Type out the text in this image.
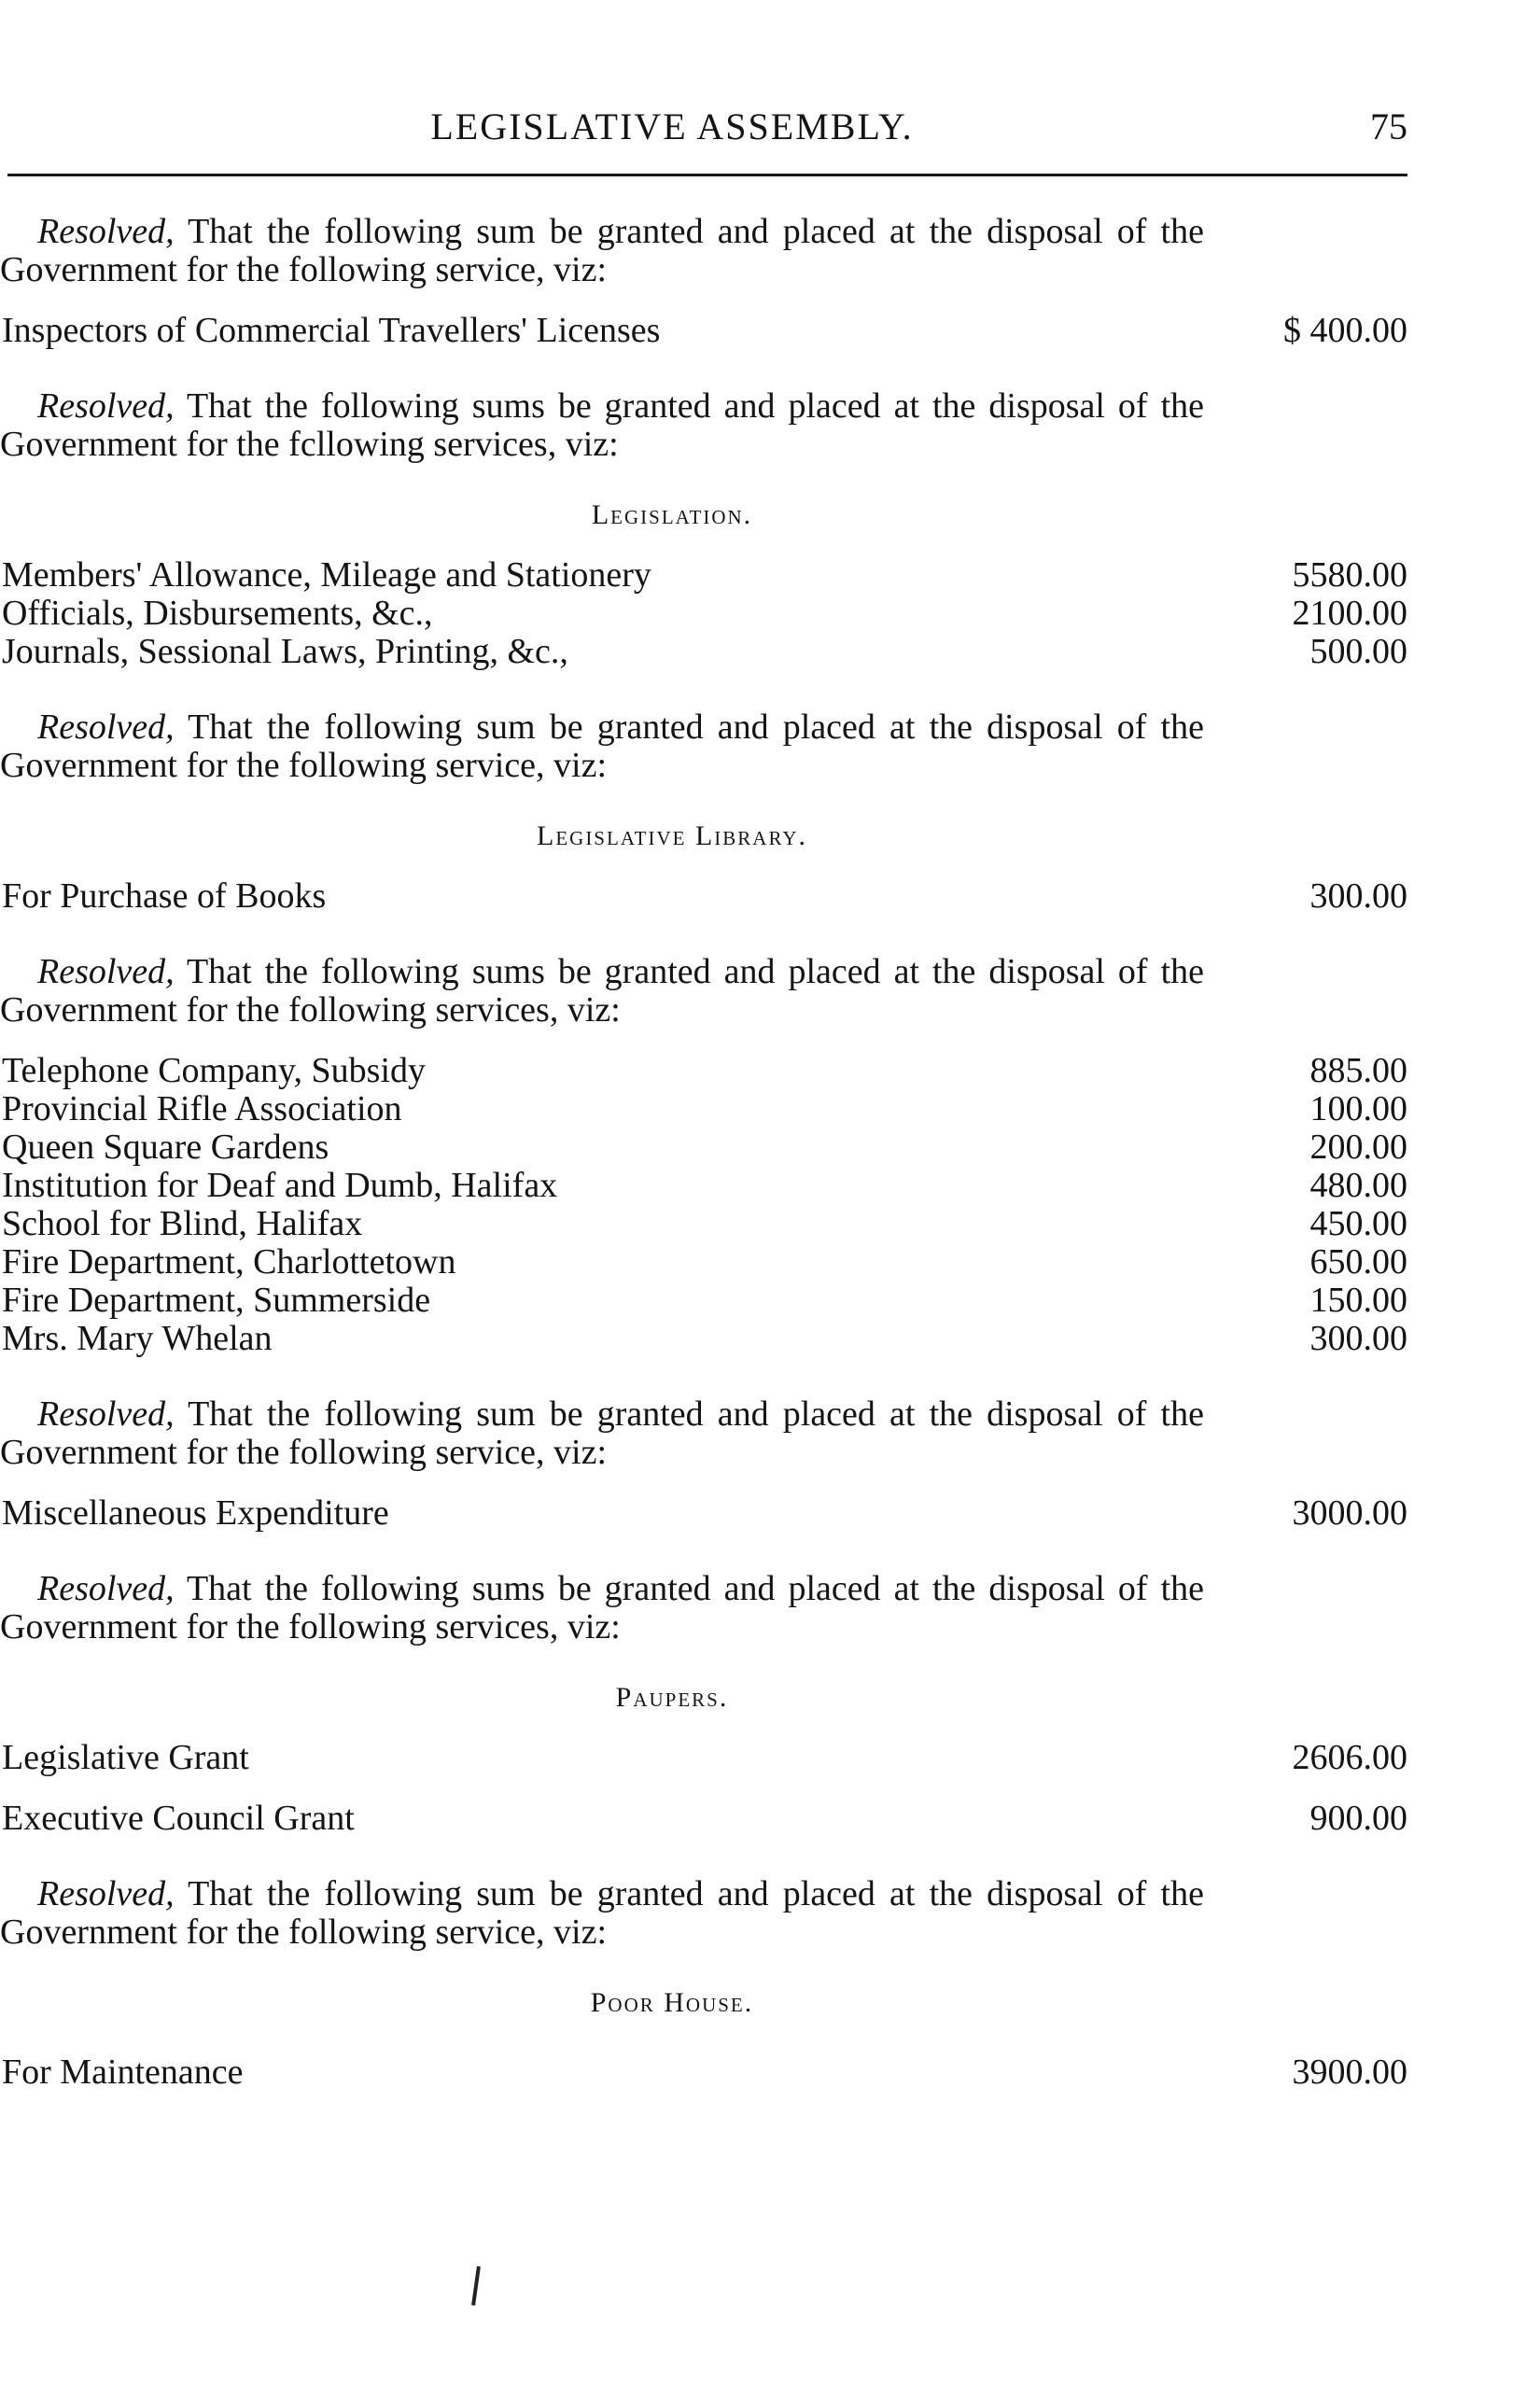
LEGISLATIVE ASSEMBLY.	75

Resolved, That the following sum be granted and placed at the disposal of the Government for the following service, viz:

Inspectors of Commercial Travellers' Licenses	$ 400.00

Resolved, That the following sums be granted and placed at the disposal of the Government for the fcllowing services, viz:

Legislation.
Members' Allowance, Mileage and Stationery	5580.00
Officials, Disbursements, &c.,	2100.00
Journals, Sessional Laws, Printing, &c.,	500.00

Resolved, That the following sum be granted and placed at the disposal of the Government for the following service, viz:

Legislative Library.
For Purchase of Books	300.00

Resolved, That the following sums be granted and placed at the disposal of the Government for the following services, viz:

Telephone Company, Subsidy	885.00
Provincial Rifle Association	100.00
Queen Square Gardens	200.00
Institution for Deaf and Dumb, Halifax	480.00
School for Blind, Halifax	450.00
Fire Department, Charlottetown	650.00
Fire Department, Summerside	150.00
Mrs. Mary Whelan	300.00

Resolved, That the following sum be granted and placed at the disposal of the Government for the following service, viz:

Miscellaneous Expenditure	3000.00

Resolved, That the following sums be granted and placed at the disposal of the Government for the following services, viz:

Paupers.
Legislative Grant	2606.00
Executive Council Grant	900.00

Resolved, That the following sum be granted and placed at the disposal of the Government for the following service, viz:

Poor House.
For Maintenance	3900.00
